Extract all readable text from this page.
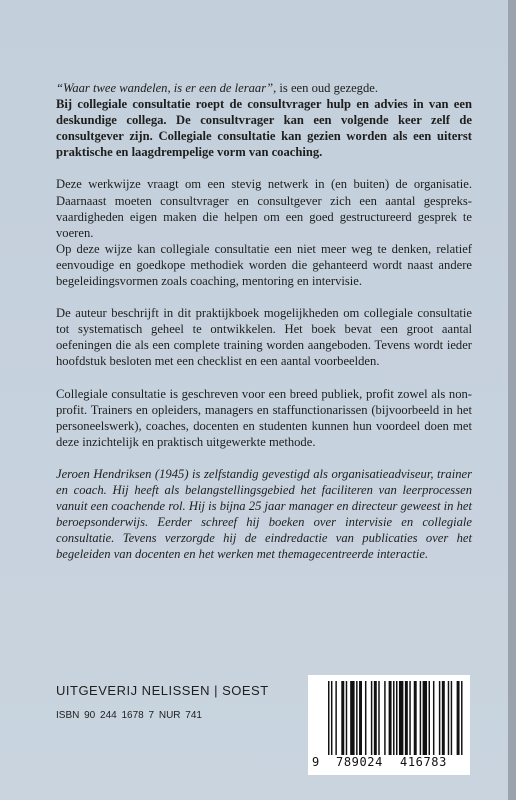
“Waar twee wandelen, is er een de leraar”, is een oud gezegde.

Bij collegiale consultatie roept de consultvrager hulp en advies in van een deskundige collega. De consultvrager kan een volgende keer zelf de consultgever zijn. Collegiale consultatie kan gezien worden als een uiterst praktische en laagdrempelige vorm van coaching.

Deze werkwijze vraagt om een stevig netwerk in (en buiten) de organisatie. Daarnaast moeten consultvrager en consultgever zich een aantal gespreks-vaardigheden eigen maken die helpen om een goed gestructureerd gesprek te voeren.

Op deze wijze kan collegiale consultatie een niet meer weg te denken, relatief eenvoudige en goedkope methodiek worden die gehanteerd wordt naast andere begeleidingsvormen zoals coaching, mentoring en intervisie.

De auteur beschrijft in dit praktijkboek mogelijkheden om collegiale consultatie tot systematisch geheel te ontwikkelen. Het boek bevat een groot aantal oefeningen die als een complete training worden aangeboden. Tevens wordt ieder hoofdstuk besloten met een checklist en een aantal voorbeelden.

Collegiale consultatie is geschreven voor een breed publiek, profit zowel als non-profit. Trainers en opleiders, managers en staffunctionarissen (bijvoorbeeld in het personeelswerk), coaches, docenten en studenten kunnen hun voordeel doen met deze inzichtelijk en praktisch uitgewerkte methode.

Jeroen Hendriksen (1945) is zelfstandig gevestigd als organisatieadviseur, trainer en coach. Hij heeft als belangstellingsgebied het faciliteren van leerprocessen vanuit een coachende rol. Hij is bijna 25 jaar manager en directeur geweest in het beroepsonderwijs. Eerder schreef hij boeken over intervisie en collegiale consultatie. Tevens verzorgde hij de eindredactie van publicaties over het begeleiden van docenten en het werken met themagecentreerde interactie.

UITGEVERIJ NELISSEN | SOEST
ISBN 90 244 1678 7 NUR 741
9 789024 416783
